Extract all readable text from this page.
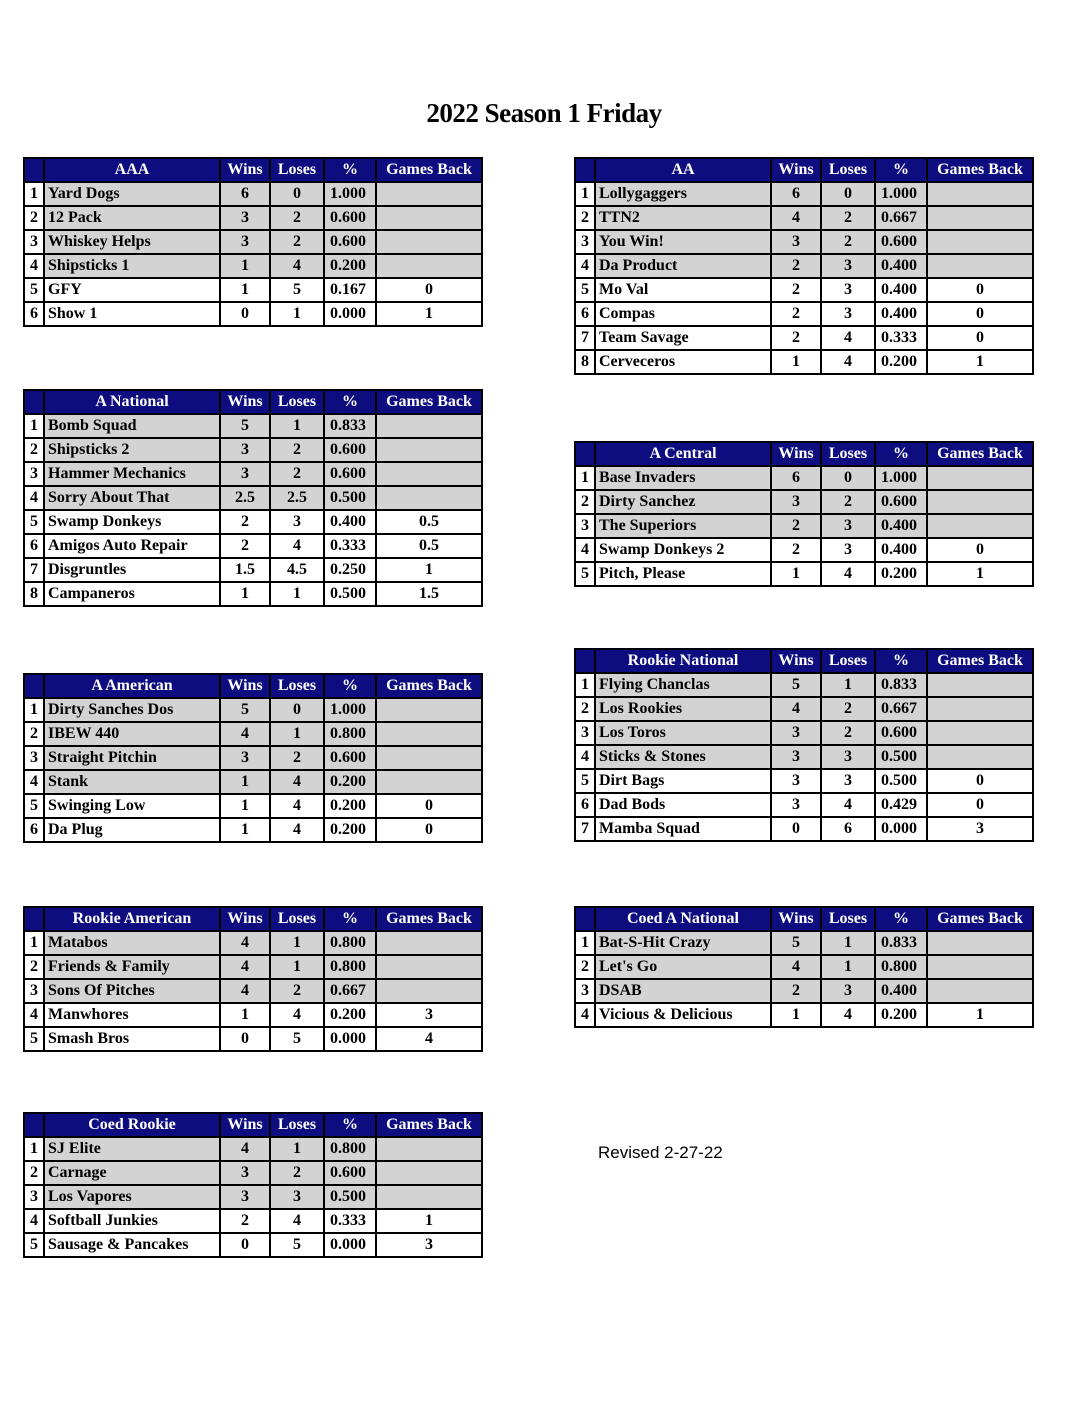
2022 Season 1 Friday
	AAA	Wins	Loses	%	Games Back
1	Yard Dogs	6	0	1.000	
2	12 Pack	3	2	0.600	
3	Whiskey Helps	3	2	0.600	
4	Shipsticks 1	1	4	0.200	
5	GFY	1	5	0.167	0
6	Show 1	0	1	0.000	1
	AA	Wins	Loses	%	Games Back
1	Lollygaggers	6	0	1.000	
2	TTN2	4	2	0.667	
3	You Win!	3	2	0.600	
4	Da Product	2	3	0.400	
5	Mo Val	2	3	0.400	0
6	Compas	2	3	0.400	0
7	Team Savage	2	4	0.333	0
8	Cerveceros	1	4	0.200	1
	A National	Wins	Loses	%	Games Back
1	Bomb Squad	5	1	0.833	
2	Shipsticks 2	3	2	0.600	
3	Hammer Mechanics	3	2	0.600	
4	Sorry About That	2.5	2.5	0.500	
5	Swamp Donkeys	2	3	0.400	0.5
6	Amigos Auto Repair	2	4	0.333	0.5
7	Disgruntles	1.5	4.5	0.250	1
8	Campaneros	1	1	0.500	1.5
	A Central	Wins	Loses	%	Games Back
1	Base Invaders	6	0	1.000	
2	Dirty Sanchez	3	2	0.600	
3	The Superiors	2	3	0.400	
4	Swamp Donkeys 2	2	3	0.400	0
5	Pitch, Please	1	4	0.200	1
	A American	Wins	Loses	%	Games Back
1	Dirty Sanches Dos	5	0	1.000	
2	IBEW 440	4	1	0.800	
3	Straight Pitchin	3	2	0.600	
4	Stank	1	4	0.200	
5	Swinging Low	1	4	0.200	0
6	Da Plug	1	4	0.200	0
	Rookie National	Wins	Loses	%	Games Back
1	Flying Chanclas	5	1	0.833	
2	Los Rookies	4	2	0.667	
3	Los Toros	3	2	0.600	
4	Sticks & Stones	3	3	0.500	
5	Dirt Bags	3	3	0.500	0
6	Dad Bods	3	4	0.429	0
7	Mamba Squad	0	6	0.000	3
	Rookie American	Wins	Loses	%	Games Back
1	Matabos	4	1	0.800	
2	Friends & Family	4	1	0.800	
3	Sons Of Pitches	4	2	0.667	
4	Manwhores	1	4	0.200	3
5	Smash Bros	0	5	0.000	4
	Coed A National	Wins	Loses	%	Games Back
1	Bat-S-Hit Crazy	5	1	0.833	
2	Let's Go	4	1	0.800	
3	DSAB	2	3	0.400	
4	Vicious & Delicious	1	4	0.200	1
	Coed Rookie	Wins	Loses	%	Games Back
1	SJ Elite	4	1	0.800	
2	Carnage	3	2	0.600	
3	Los Vapores	3	3	0.500	
4	Softball Junkies	2	4	0.333	1
5	Sausage & Pancakes	0	5	0.000	3
Revised 2-27-22
